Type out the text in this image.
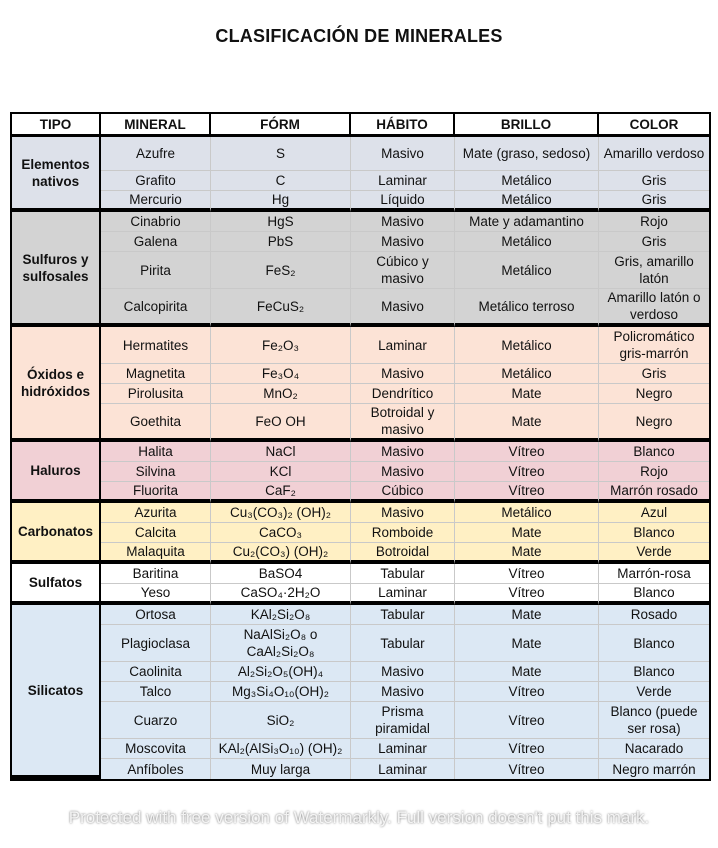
CLASIFICACIÓN DE MINERALES
TIPO	MINERAL	FÓRM	HÁBITO	BRILLO	COLOR
Elementos nativos	Azufre	S	Masivo	Mate (graso, sedoso)	Amarillo verdoso
	Grafito	C	Laminar	Metálico	Gris
	Mercurio	Hg	Líquido	Metálico	Gris
Sulfuros y sulfosales	Cinabrio	HgS	Masivo	Mate y adamantino	Rojo
	Galena	PbS	Masivo	Metálico	Gris
	Pirita	FeS₂	Cúbico y masivo	Metálico	Gris, amarillo latón
	Calcopirita	FeCuS₂	Masivo	Metálico terroso	Amarillo latón o verdoso
Óxidos e hidróxidos	Hermatites	Fe₂O₃	Laminar	Metálico	Policromático gris-marrón
	Magnetita	Fe₃O₄	Masivo	Metálico	Gris
	Pirolusita	MnO₂	Dendrítico	Mate	Negro
	Goethita	FeO OH	Botroidal y masivo	Mate	Negro
Haluros	Halita	NaCl	Masivo	Vítreo	Blanco
	Silvina	KCl	Masivo	Vítreo	Rojo
	Fluorita	CaF₂	Cúbico	Vítreo	Marrón rosado
Carbonatos	Azurita	Cu₃(CO₃)₂ (OH)₂	Masivo	Metálico	Azul
	Calcita	CaCO₃	Romboide	Mate	Blanco
	Malaquita	Cu₂(CO₃) (OH)₂	Botroidal	Mate	Verde
Sulfatos	Baritina	BaSO4	Tabular	Vítreo	Marrón-rosa
	Yeso	CaSO₄·2H₂O	Laminar	Vítreo	Blanco
Silicatos	Ortosa	KAl₂Si₂O₈	Tabular	Mate	Rosado
	Plagioclasa	NaAlSi₂O₈ o CaAl₂Si₂O₈	Tabular	Mate	Blanco
	Caolinita	Al₂Si₂O₅(OH)₄	Masivo	Mate	Blanco
	Talco	Mg₃Si₄O₁₀(OH)₂	Masivo	Vítreo	Verde
	Cuarzo	SiO₂	Prisma piramidal	Vítreo	Blanco (puede ser rosa)
	Moscovita	KAl₂(AlSi₃O₁₀) (OH)₂	Laminar	Vítreo	Nacarado
	Anfíboles	Muy larga	Laminar	Vítreo	Negro marrón
Protected with free version of Watermarkly. Full version doesn't put this mark.
